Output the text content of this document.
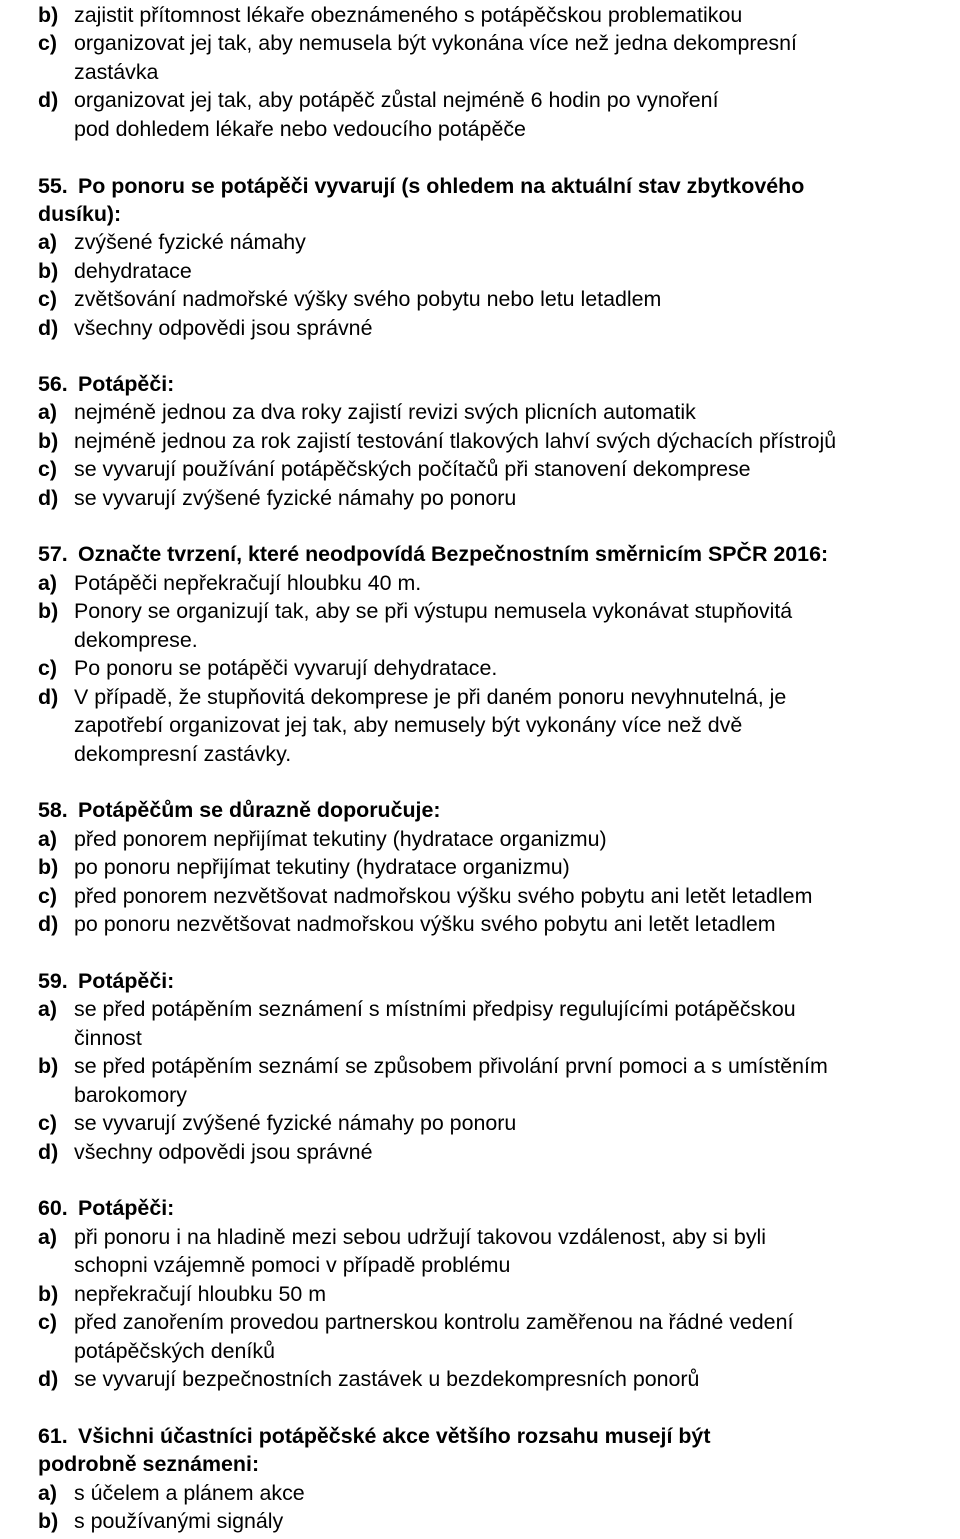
b) zajistit přítomnost lékaře obeznámeného s potápěčskou problematikou
c) organizovat jej tak, aby nemusela být vykonána více než jedna dekompresní
zastávka
d) organizovat jej tak, aby potápěč zůstal nejméně 6 hodin po vynoření
pod dohledem lékaře nebo vedoucího potápěče
55. Po ponoru se potápěči vyvarují (s ohledem na aktuální stav zbytkového
dusíku):
a) zvýšené fyzické námahy
b) dehydratace
c) zvětšování nadmořské výšky svého pobytu nebo letu letadlem
d) všechny odpovědi jsou správné
56. Potápěči:
a) nejméně jednou za dva roky zajistí revizi svých plicních automatik
b) nejméně jednou za rok zajistí testování tlakových lahví svých dýchacích přístrojů
c) se vyvarují používání potápěčských počítačů při stanovení dekomprese
d) se vyvarují zvýšené fyzické námahy po ponoru
57. Označte tvrzení, které neodpovídá Bezpečnostním směrnicím SPČR 2016:
a) Potápěči nepřekračují hloubku 40 m.
b) Ponory se organizují tak, aby se při výstupu nemusela vykonávat stupňovitá
dekomprese.
c) Po ponoru se potápěči vyvarují dehydratace.
d) V případě, že stupňovitá dekomprese je při daném ponoru nevyhnutelná, je
zapotřebí organizovat jej tak, aby nemusely být vykonány více než dvě
dekompresní zastávky.
58. Potápěčům se důrazně doporučuje:
a) před ponorem nepřijímat tekutiny (hydratace organizmu)
b) po ponoru nepřijímat tekutiny (hydratace organizmu)
c) před ponorem nezvětšovat nadmořskou výšku svého pobytu ani letět letadlem
d) po ponoru nezvětšovat nadmořskou výšku svého pobytu ani letět letadlem
59. Potápěči:
a) se před potápěním seznámení s místními předpisy regulujícími potápěčskou
činnost
b) se před potápěním seznámí se způsobem přivolání první pomoci a s umístěním
barokomory
c) se vyvarují zvýšené fyzické námahy po ponoru
d) všechny odpovědi jsou správné
60. Potápěči:
a) při ponoru i na hladině mezi sebou udržují takovou vzdálenost, aby si byli
schopni vzájemně pomoci v případě problému
b) nepřekračují hloubku 50 m
c) před zanořením provedou partnerskou kontrolu zaměřenou na řádné vedení
potápěčských deníků
d) se vyvarují bezpečnostních zastávek u bezdekompresních ponorů
61. Všichni účastníci potápěčské akce většího rozsahu musejí být
podrobně seznámeni:
a) s účelem a plánem akce
b) s používanými signály
